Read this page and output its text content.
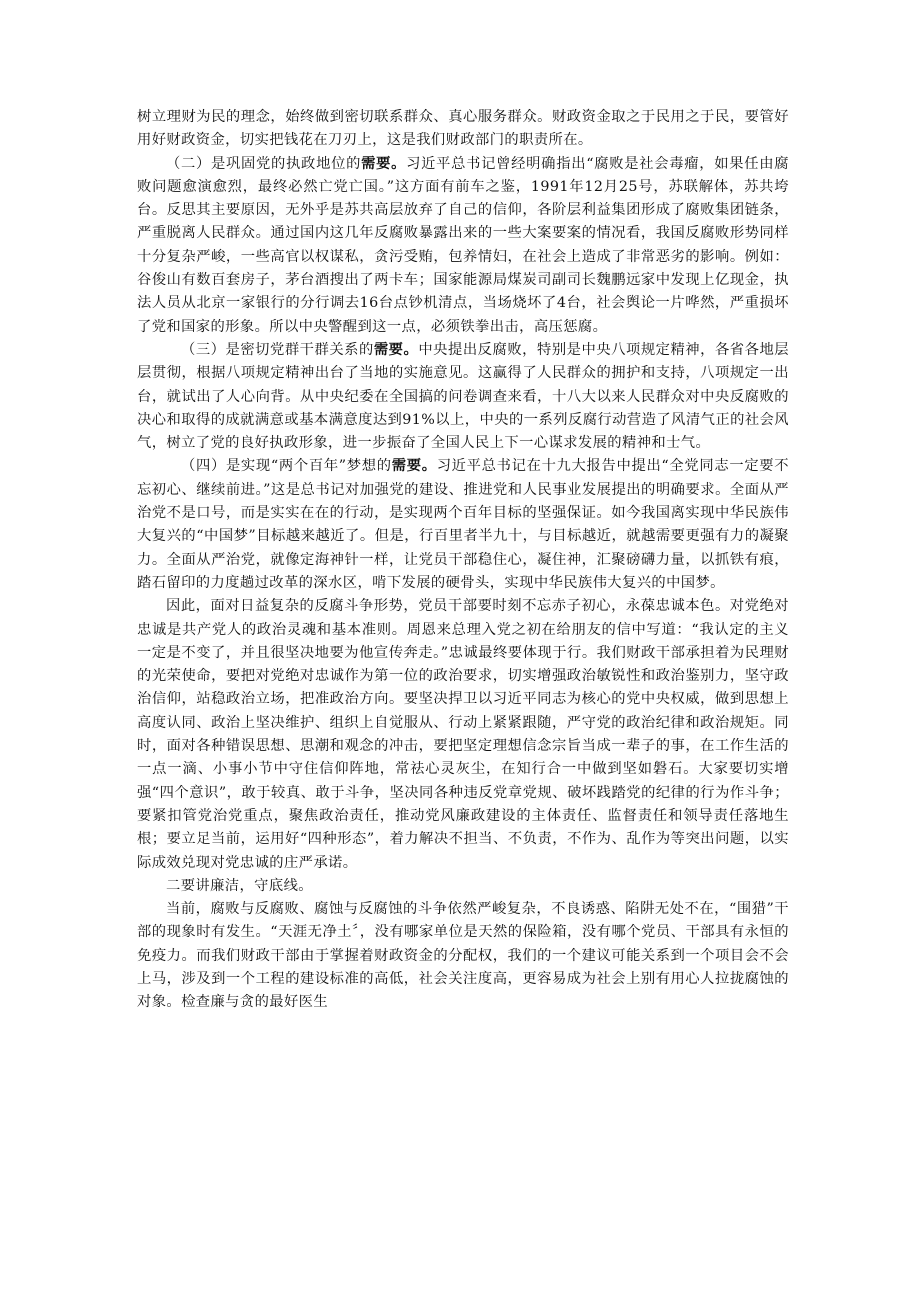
树立理财为民的理念，始终做到密切联系群众、真心服务群众。财政资金取之于民用之于民，要管好用好财政资金，切实把钱花在刀刃上，这是我们财政部门的职责所在。

（二）是巩固党的执政地位的需要。习近平总书记曾经明确指出“腐败是社会毒瘤，如果任由腐败问题愈演愈烈，最终必然亡党亡国。”这方面有前车之鉴，1991年12月25号，苏联解体，苏共垮台。反思其主要原因，无外乎是苏共高层放弃了自己的信仰，各阶层利益集团形成了腐败集团链条，严重脱离人民群众。通过国内这几年反腐败暴露出来的一些大案要案的情况看，我国反腐败形势同样十分复杂严峻，一些高官以权谋私，贪污受贿，包养情妇，在社会上造成了非常恶劣的影响。例如：谷俊山有数百套房子，茅台酒搜出了两卡车；国家能源局煤炭司副司长魏鹏远家中发现上亿现金，执法人员从北京一家银行的分行调去16台点钞机清点，当场烧坏了4台，社会舆论一片哗然，严重损坏了党和国家的形象。所以中央警醒到这一点，必须铁拳出击，高压惩腐。

（三）是密切党群干群关系的需要。中央提出反腐败，特别是中央八项规定精神，各省各地层层贯彻，根据八项规定精神出台了当地的实施意见。这赢得了人民群众的拥护和支持，八项规定一出台，就试出了人心向背。从中央纪委在全国搞的问卷调查来看，十八大以来人民群众对中央反腐败的决心和取得的成就满意或基本满意度达到91%以上，中央的一系列反腐行动营造了风清气正的社会风气，树立了党的良好执政形象，进一步振奋了全国人民上下一心谋求发展的精神和士气。

（四）是实现“两个百年”梦想的需要。习近平总书记在十九大报告中提出“全党同志一定要不忘初心、继续前进。”这是总书记对加强党的建设、推进党和人民事业发展提出的明确要求。全面从严治党不是口号，而是实实在在的行动，是实现两个百年目标的坚强保证。如今我国离实现中华民族伟大复兴的“中国梦”目标越来越近了。但是，行百里者半九十，与目标越近，就越需要更强有力的凝聚力。全面从严治党，就像定海神针一样，让党员干部稳住心，凝住神，汇聚磅礴力量，以抓铁有痕，踏石留印的力度趟过改革的深水区，啃下发展的硬骨头，实现中华民族伟大复兴的中国梦。

因此，面对日益复杂的反腐斗争形势，党员干部要时刻不忘赤子初心，永葆忠诚本色。对党绝对忠诚是共产党人的政治灵魂和基本准则。周恩来总理入党之初在给朋友的信中写道：“我认定的主义一定是不变了，并且很坚决地要为他宣传奔走。”忠诚最终要体现于行。我们财政干部承担着为民理财的光荣使命，要把对党绝对忠诚作为第一位的政治要求，切实增强政治敏锐性和政治鉴别力，坚守政治信仰，站稳政治立场，把准政治方向。要坚决捍卫以习近平同志为核心的党中央权威，做到思想上高度认同、政治上坚决维护、组织上自觉服从、行动上紧紧跟随，严守党的政治纪律和政治规矩。同时，面对各种错误思想、思潮和观念的冲击，要把坚定理想信念宗旨当成一辈子的事，在工作生活的一点一滴、小事小节中守住信仰阵地，常祛心灵灰尘，在知行合一中做到坚如磐石。大家要切实增强“四个意识”，敢于较真、敢于斗争，坚决同各种违反党章党规、破坏践踏党的纪律的行为作斗争；要紧扣管党治党重点，聚焦政治责任，推动党风廉政建设的主体责任、监督责任和领导责任落地生根；要立足当前，运用好“四种形态”，着力解决不担当、不负责，不作为、乱作为等突出问题，以实际成效兑现对党忠诚的庄严承诺。

二要讲廉洁，守底线。

当前，腐败与反腐败、腐蚀与反腐蚀的斗争依然严峻复杂，不良诱惑、陷阱无处不在，“围猎”干部的现象时有发生。“天涯无净土〞，没有哪家单位是天然的保险箱，没有哪个党员、干部具有永恒的免疫力。而我们财政干部由于掌握着财政资金的分配权，我们的一个建议可能关系到一个项目会不会上马，涉及到一个工程的建设标准的高低，社会关注度高，更容易成为社会上别有用心人拉拢腐蚀的对象。检查廉与贪的最好医生
